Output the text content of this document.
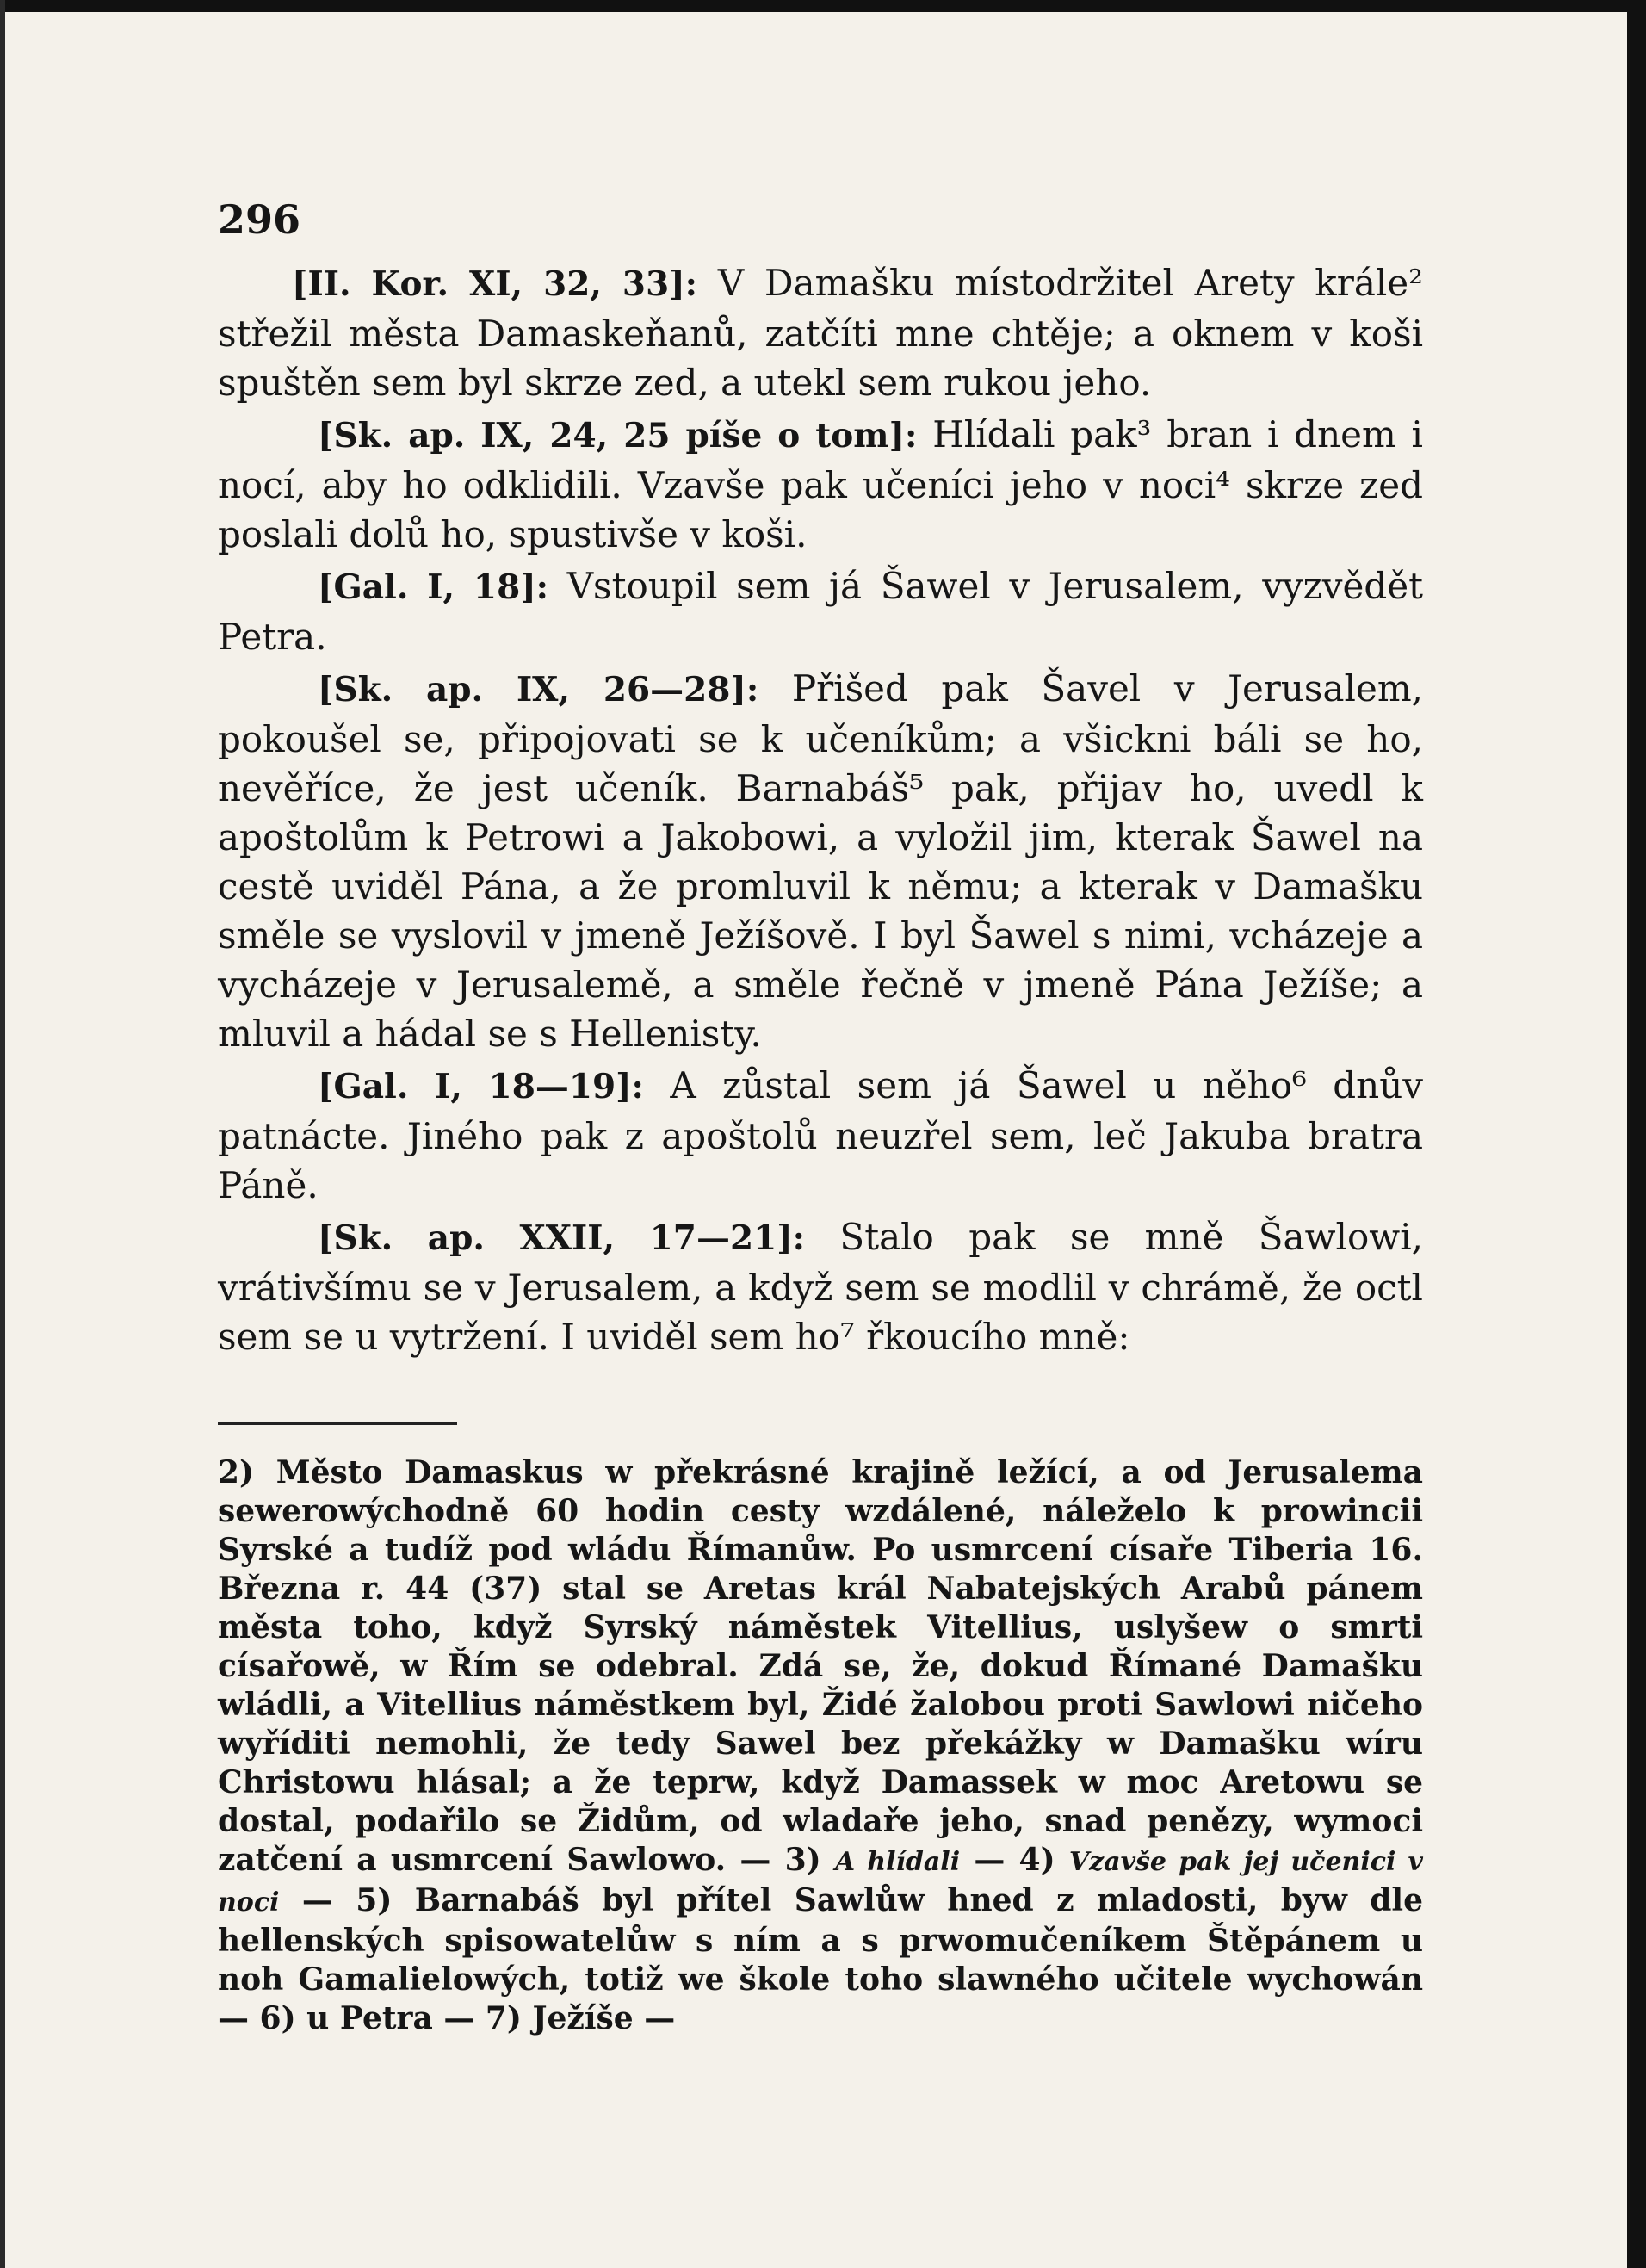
296

[II. Kor. XI, 32, 33]: V Damašku místodržitel Arety krále² střežil města Damaskeňanů, zatčíti mne chtěje; a oknem v koši spuštěn sem byl skrze zed, a utekl sem rukou jeho.

[Sk. ap. IX, 24, 25 píše o tom]: Hlídali pak³ bran i dnem i nocí, aby ho odklidili. Vzavše pak učeníci jeho v noci⁴ skrze zed poslali dolů ho, spustivše v koši.

[Gal. I, 18]: Vstoupil sem já Šawel v Jerusalem, vyzvědět Petra.

[Sk. ap. IX, 26—28]: Přišed pak Šavel v Jerusalem, pokoušel se, připojovati se k učeníkům; a všickni báli se ho, nevěříce, že jest učeník. Barnabáš⁵ pak, přijav ho, uvedl k apoštolům k Petrowi a Jakobowi, a vyložil jim, kterak Šawel na cestě uviděl Pána, a že promluvil k němu; a kterak v Damašku směle se vyslovil v jmeně Ježíšově. I byl Šawel s nimi, vcházeje a vycházeje v Jerusalemě, a směle řečně v jmeně Pána Ježíše; a mluvil a hádal se s Hellenisty.

[Gal. I, 18—19]: A zůstal sem já Šawel u něho⁶ dnův patnácte. Jiného pak z apoštolů neuzřel sem, leč Jakuba bratra Páně.

[Sk. ap. XXII, 17—21]: Stalo pak se mně Šawlowi, vrátivšímu se v Jerusalem, a když sem se modlil v chrámě, že octl sem se u vytržení. I uviděl sem ho⁷ řkoucího mně:

2) Město Damaskus w překrásné krajině ležící, a od Jerusalema sewerowýchodně 60 hodin cesty wzdálené, náleželo k prowincii Syrské a tudíž pod wládu Římanůw. Po usmrcení císaře Tiberia 16. Března r. 44 (37) stal se Aretas král Nabatejských Arabů pánem města toho, když Syrský náměstek Vitellius, uslyšew o smrti císařowě, w Řím se odebral. Zdá se, že, dokud Římané Damašku wládli, a Vitellius náměstkem byl, Židé žalobou proti Sawlowi ničeho wyříditi nemohli, že tedy Sawel bez překážky w Damašku wíru Christowu hlásal; a že teprw, když Damassek w moc Aretowu se dostal, podařilo se Židům, od wladaře jeho, snad penězy, wymoci zatčení a usmrcení Sawlowo. — 3) A hlídali — 4) Vzavše pak jej učenici v noci — 5) Barnabáš byl přítel Sawlůw hned z mladosti, byw dle hellenských spisowatelůw s ním a s prwomučeníkem Štěpánem u noh Gamalielowých, totiž we škole toho slawného učitele wychowán — 6) u Petra — 7) Ježíše —
